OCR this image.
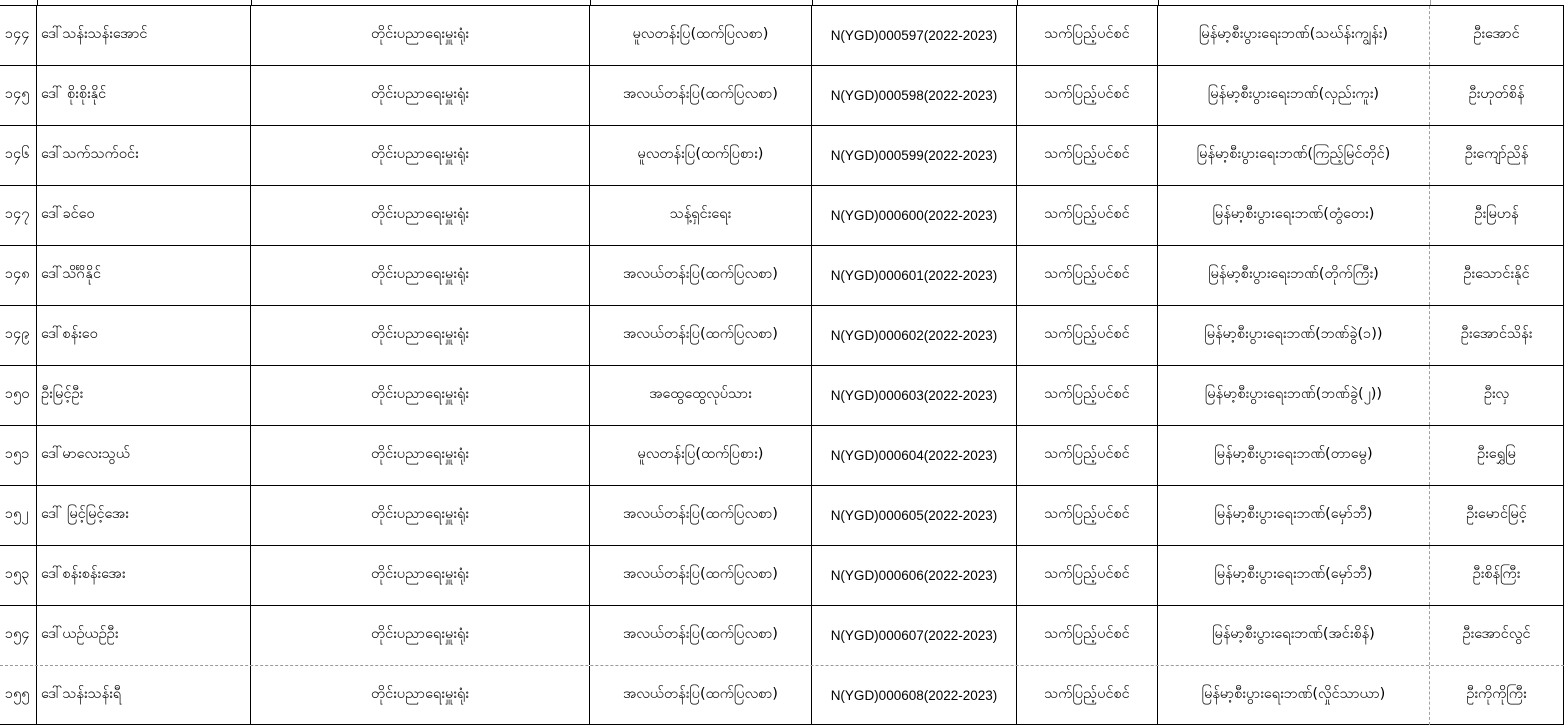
၁၄၄ ဒေါ်သန်းသန်းအောင်	တိုင်းပညာရေးမှူးရုံး	မူလတန်းပြ(ထက်ပြလစာ)	N(YGD)000597(2022-2023)	သက်ပြည့်ပင်စင်	မြန်မာ့စီးပွားရေးဘဏ်(သဃ်န်းကျွန်း)	ဦးအောင်
၁၄၅ ဒေါ် စိုးစိုးနိုင်	တိုင်းပညာရေးမှူးရုံး	အလယ်တန်းပြ(ထက်ပြလစာ)	N(YGD)000598(2022-2023)	သက်ပြည့်ပင်စင်	မြန်မာ့စီးပွားရေးဘဏ်(လှည်းကူး)	ဦးဟုတ်စိန်
၁၄၆ ဒေါ်သက်သက်ဝင်း	တိုင်းပညာရေးမှူးရုံး	မူလတန်းပြ(ထက်ပြစား)	N(YGD)000599(2022-2023)	သက်ပြည့်ပင်စင်	မြန်မာ့စီးပွားရေးဘဏ်(ကြည့်မြင်တိုင်)	ဦးကျော်ညိန်
၁၄၇ ဒေါ်ခင်ဝေ	တိုင်းပညာရေးမှူးရုံး	သန့်ရှင်းရေး	N(YGD)000600(2022-2023)	သက်ပြည့်ပင်စင်	မြန်မာ့စီးပွားရေးဘဏ်(တွံတေး)	ဦးမြဟန်
၁၄၈ ဒေါ်သိင်္ဂိနိုင်	တိုင်းပညာရေးမှူးရုံး	အလယ်တန်းပြ(ထက်ပြလစာ)	N(YGD)000601(2022-2023)	သက်ပြည့်ပင်စင်	မြန်မာ့စီးပွားရေးဘဏ်(တိုက်ကြီး)	ဦးသောင်းနိုင်
၁၄၉ ဒေါ်စန်းဝေ	တိုင်းပညာရေးမှူးရုံး	အလယ်တန်းပြ(ထက်ပြလစာ)	N(YGD)000602(2022-2023)	သက်ပြည့်ပင်စင်	မြန်မာ့စီးပွားရေးဘဏ်(ဘဏ်ခွဲ(၁))	ဦးအောင်သိန်း
၁၅၀ ဦးမြင့်ဦး	တိုင်းပညာရေးမှူးရုံး	အထွေထွေလုပ်သား	N(YGD)000603(2022-2023)	သက်ပြည့်ပင်စင်	မြန်မာ့စီးပွားရေးဘဏ်(ဘဏ်ခွဲ(၂))	ဦးလှ
၁၅၁ ဒေါ်မာလေးသွယ်	တိုင်းပညာရေးမှူးရုံး	မူလတန်းပြ(ထက်ပြစား)	N(YGD)000604(2022-2023)	သက်ပြည့်ပင်စင်	မြန်မာ့စီးပွားရေးဘဏ်(တာမွေ)	ဦးရွှေမြ
၁၅၂ ဒေါ် မြင့်မြင့်အေး	တိုင်းပညာရေးမှူးရုံး	အလယ်တန်းပြ(ထက်ပြလစာ)	N(YGD)000605(2022-2023)	သက်ပြည့်ပင်စင်	မြန်မာ့စီးပွားရေးဘဏ်(မှော်ဘီ)	ဦးမောင်မြင့်
၁၅၃ ဒေါ်စန်းစန်းအေး	တိုင်းပညာရေးမှူးရုံး	အလယ်တန်းပြ(ထက်ပြလစာ)	N(YGD)000606(2022-2023)	သက်ပြည့်ပင်စင်	မြန်မာ့စီးပွားရေးဘဏ်(မှော်ဘီ)	ဦးစိန်ကြီး
၁၅၄ ဒေါ်ယဉ်ယဉ်ဦး	တိုင်းပညာရေးမှူးရုံး	အလယ်တန်းပြ(ထက်ပြလစာ)	N(YGD)000607(2022-2023)	သက်ပြည့်ပင်စင်	မြန်မာ့စီးပွားရေးဘဏ်(အင်းစိန်)	ဦးအောင်လွင်
၁၅၅ ဒေါ်သန်းသန်းရီ	တိုင်းပညာရေးမှူးရုံး	အလယ်တန်းပြ(ထက်ပြလစာ)	N(YGD)000608(2022-2023)	သက်ပြည့်ပင်စင်	မြန်မာ့စီးပွားရေးဘဏ်(လှိုင်သာယာ)	ဦးကိုကိုကြီး
